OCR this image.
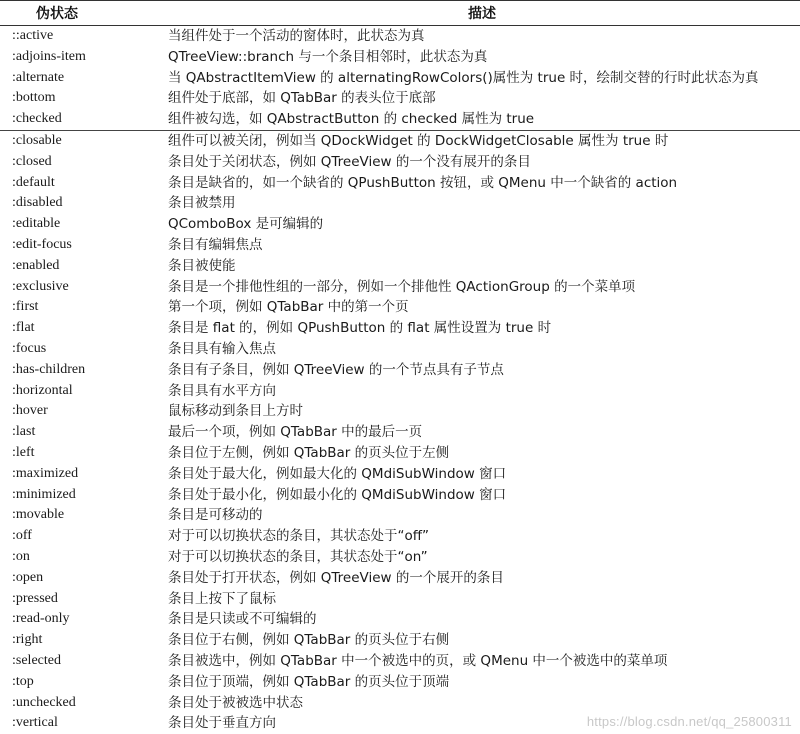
伪状态	描述
::active	当组件处于一个活动的窗体时，此状态为真
:adjoins-item	QTreeView::branch 与一个条目相邻时，此状态为真
:alternate	当 QAbstractItemView 的 alternatingRowColors()属性为 true 时，绘制交替的行时此状态为真
:bottom	组件处于底部，如 QTabBar 的表头位于底部
:checked	组件被勾选，如 QAbstractButton 的 checked 属性为 true
:closable	组件可以被关闭，例如当 QDockWidget 的 DockWidgetClosable 属性为 true 时
:closed	条目处于关闭状态，例如 QTreeView 的一个没有展开的条目
:default	条目是缺省的，如一个缺省的 QPushButton 按钮，或 QMenu 中一个缺省的 action
:disabled	条目被禁用
:editable	QComboBox 是可编辑的
:edit-focus	条目有编辑焦点
:enabled	条目被使能
:exclusive	条目是一个排他性组的一部分，例如一个排他性 QActionGroup 的一个菜单项
:first	第一个项，例如 QTabBar 中的第一个页
:flat	条目是 flat 的，例如 QPushButton 的 flat 属性设置为 true 时
:focus	条目具有输入焦点
:has-children	条目有子条目，例如 QTreeView 的一个节点具有子节点
:horizontal	条目具有水平方向
:hover	鼠标移动到条目上方时
:last	最后一个项，例如 QTabBar 中的最后一页
:left	条目位于左侧，例如 QTabBar 的页头位于左侧
:maximized	条目处于最大化，例如最大化的 QMdiSubWindow 窗口
:minimized	条目处于最小化，例如最小化的 QMdiSubWindow 窗口
:movable	条目是可移动的
:off	对于可以切换状态的条目，其状态处于“off”
:on	对于可以切换状态的条目，其状态处于“on”
:open	条目处于打开状态，例如 QTreeView 的一个展开的条目
:pressed	条目上按下了鼠标
:read-only	条目是只读或不可编辑的
:right	条目位于右侧，例如 QTabBar 的页头位于右侧
:selected	条目被选中，例如 QTabBar 中一个被选中的页，或 QMenu 中一个被选中的菜单项
:top	条目位于顶端，例如 QTabBar 的页头位于顶端
:unchecked	条目处于被被选中状态
:vertical	条目处于垂直方向	https://blog.csdn.net/qq_25800311
